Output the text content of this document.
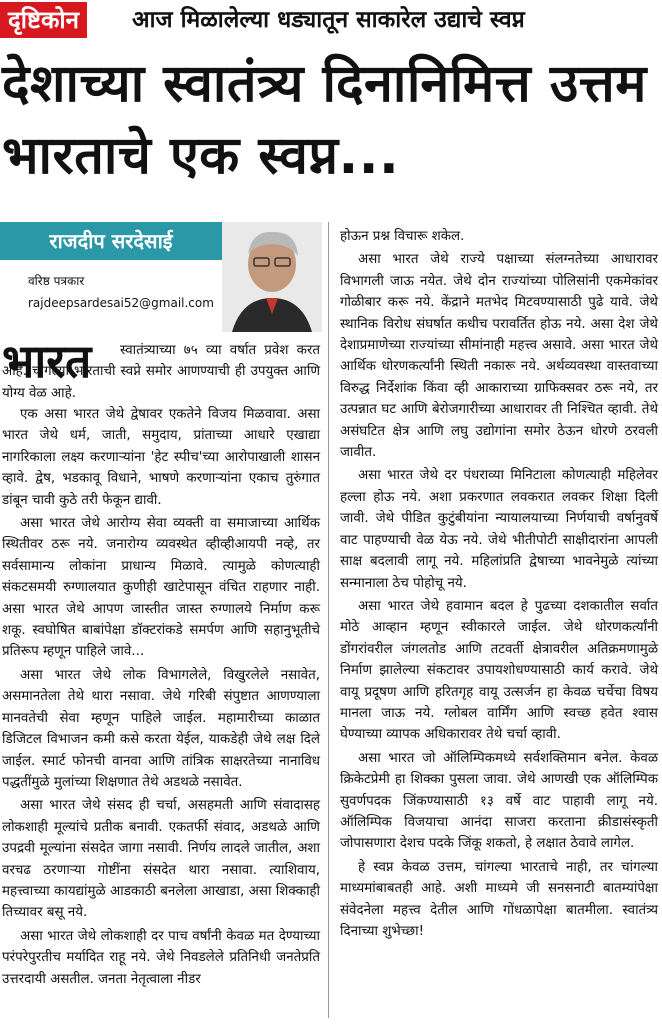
दृष्टिकोन	आज मिळालेल्या धड्यातून साकारेल उद्याचे स्वप्न
देशाच्या स्वातंत्र्य दिनानिमित्त उत्तम भारताचे एक स्वप्न...
राजदीप सरदेसाई
वरिष्ठ पत्रकार
rajdeepsardesai52@gmail.com
भारत	स्वातंत्र्याच्या ७५ व्या वर्षात प्रवेश करत आहे. चांगल्या भारताची स्वप्ने समोर आणण्याची ही उपयुक्त आणि योग्य वेळ आहे.

एक असा भारत जेथे द्वेषावर एकतेने विजय मिळवावा. असा भारत जेथे धर्म, जाती, समुदाय, प्रांताच्या आधारे एखाद्या नागरिकाला लक्ष्य करणाऱ्यांना 'हेट स्पीच'च्या आरोपाखाली शासन व्हावे. द्वेष, भडकावू विधाने, भाषणे करणाऱ्यांना एकाच तुरुंगात डांबून चावी कुठे तरी फेकून द्यावी.

असा भारत जेथे आरोग्य सेवा व्यक्ती वा समाजाच्या आर्थिक स्थितीवर ठरू नये. जनारोग्य व्यवस्थेत व्हीव्हीआयपी नव्हे, तर सर्वसामान्य लोकांना प्राधान्य मिळावे. त्यामुळे कोणत्याही संकटसमयी रुग्णालयात कुणीही खाटेपासून वंचित राहणार नाही. असा भारत जेथे आपण जास्तीत जास्त रुग्णालये निर्माण करू शकू. स्वघोषित बाबांपेक्षा डॉक्टरांकडे समर्पण आणि सहानुभूतीचे प्रतिरूप म्हणून पाहिले जावे...

असा भारत जेथे लोक विभागलेले, विखुरलेले नसावेत, असमानतेला तेथे थारा नसावा. जेथे गरिबी संपुष्टात आणण्याला मानवतेची सेवा म्हणून पाहिले जाईल. महामारीच्या काळात डिजिटल विभाजन कमी कसे करता येईल, याकडेही जेथे लक्ष दिले जाईल. स्मार्ट फोनची वानवा आणि तांत्रिक साक्षरतेच्या नानाविध पद्धतींमुळे मुलांच्या शिक्षणात तेथे अडथळे नसावेत.

असा भारत जेथे संसद ही चर्चा, असहमती आणि संवादासह लोकशाही मूल्यांचे प्रतीक बनावी. एकतर्फी संवाद, अडथळे आणि उपद्रवी मूल्यांना संसदेत जागा नसावी. निर्णय लादले जातील, अशा वरचढ ठरणाऱ्या गोष्टींना संसदेत थारा नसावा. त्याशिवाय, महत्त्वाच्या कायद्यांमुळे आडकाठी बनलेला आखाडा, असा शिक्काही तिच्यावर बसू नये.

असा भारत जेथे लोकशाही दर पाच वर्षांनी केवळ मत देण्याच्या परंपरेपुरतीच मर्यादित राहू नये. जेथे निवडलेले प्रतिनिधी जनतेप्रति उत्तरदायी असतील. जनता नेतृत्वाला नीडर

होऊन प्रश्न विचारू शकेल.

असा भारत जेथे राज्ये पक्षाच्या संलग्नतेच्या आधारावर विभागली जाऊ नयेत. जेथे दोन राज्यांच्या पोलिसांनी एकमेकांवर गोळीबार करू नये. केंद्राने मतभेद मिटवण्यासाठी पुढे यावे. जेथे स्थानिक विरोध संघर्षात कधीच परावर्तित होऊ नये. असा देश जेथे देशाप्रमाणेच्या राज्यांच्या सीमांनाही महत्त्व असावे. असा भारत जेथे आर्थिक धोरणकर्त्यांनी स्थिती नकारू नये. अर्थव्यवस्था वास्तवाच्या विरुद्ध निर्देशांक किंवा व्ही आकाराच्या ग्राफिक्सवर ठरू नये, तर उत्पन्नात घट आणि बेरोजगारीच्या आधारावर ती निश्चित व्हावी. तेथे असंघटित क्षेत्र आणि लघु उद्योगांना समोर ठेऊन धोरणे ठरवली जावीत.

असा भारत जेथे दर पंधराव्या मिनिटाला कोणत्याही महिलेवर हल्ला होऊ नये. अशा प्रकरणात लवकरात लवकर शिक्षा दिली जावी. जेथे पीडित कुटुंबीयांना न्यायालयाच्या निर्णयाची वर्षानुवर्षे वाट पाहण्याची वेळ येऊ नये. जेथे भीतीपोटी साक्षीदारांना आपली साक्ष बदलावी लागू नये. महिलांप्रति द्वेषाच्या भावनेमुळे त्यांच्या सन्मानाला ठेच पोहोचू नये.

असा भारत जेथे हवामान बदल हे पुढच्या दशकातील सर्वात मोठे आव्हान म्हणून स्वीकारले जाईल. जेथे धोरणकर्त्यांनी डोंगरांवरील जंगलतोड आणि तटवर्ती क्षेत्रावरील अतिक्रमणामुळे निर्माण झालेल्या संकटावर उपायशोधण्यासाठी कार्य करावे. जेथे वायू प्रदूषण आणि हरितगृह वायू उत्सर्जन हा केवळ चर्चेचा विषय मानला जाऊ नये. ग्लोबल वार्मिंग आणि स्वच्छ हवेत श्वास घेण्याच्या व्यापक अधिकारावर तेथे चर्चा व्हावी.

असा भारत जो ऑलिम्पिकमध्ये सर्वशक्तिमान बनेल. केवळ क्रिकेटप्रेमी हा शिक्का पुसला जावा. जेथे आणखी एक ऑलिम्पिक सुवर्णपदक जिंकण्यासाठी १३ वर्षे वाट पाहावी लागू नये. ऑलिम्पिक विजयाचा आनंदा साजरा करताना क्रीडासंस्कृती जोपासणारा देशच पदके जिंकू शकतो, हे लक्षात ठेवावे लागेल.

हे स्वप्न केवळ उत्तम, चांगल्या भारताचे नाही, तर चांगल्या माध्यमांबाबतही आहे. अशी माध्यमे जी सनसनाटी बातम्यांपेक्षा संवेदनेला महत्त्व देतील आणि गोंधळापेक्षा बातमीला. स्वातंत्र्य दिनाच्या शुभेच्छा!
